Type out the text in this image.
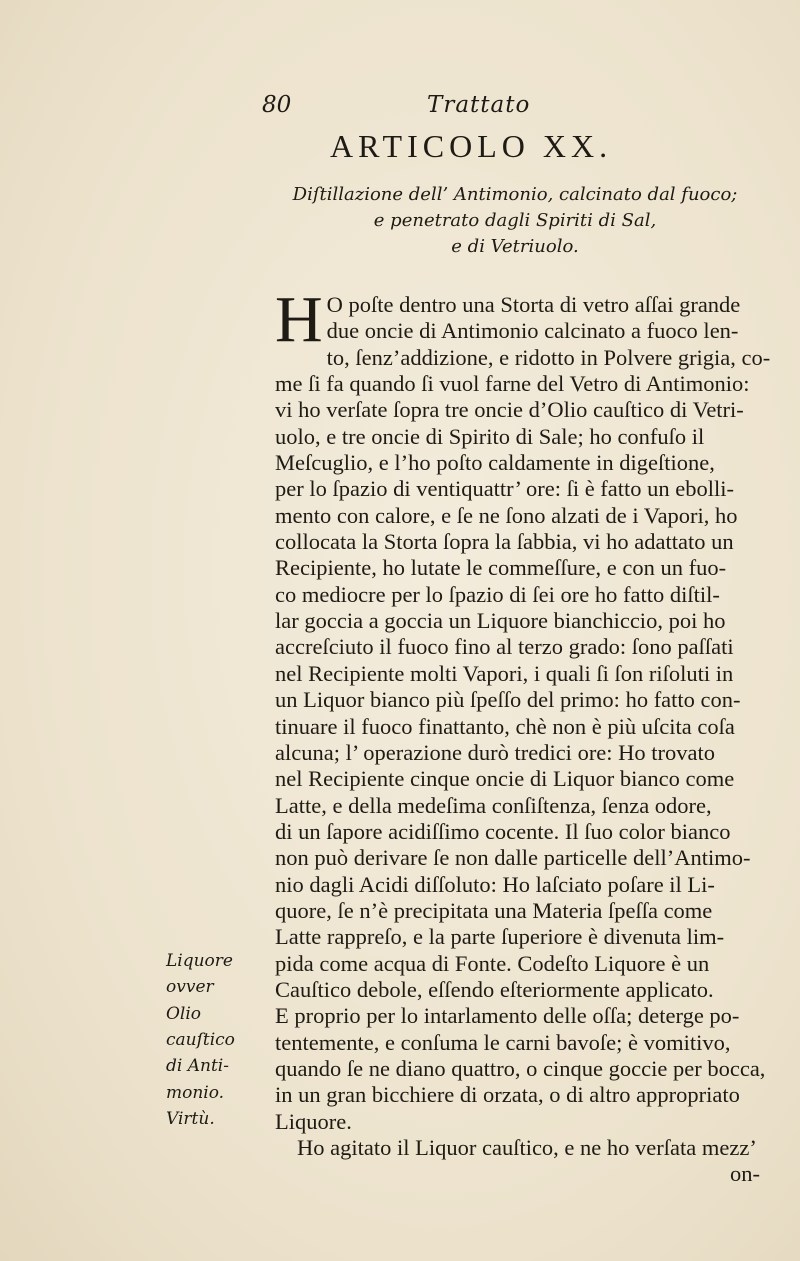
80	Trattato
ARTICOLO XX.
Diſtillazione dell’ Antimonio, calcinato dal fuoco;
e penetrato dagli Spiriti di Sal,
e di Vetriuolo.
Liquore
ovver
Olio
cauſtico
di Anti-
monio.
Virtù.
H O poſte dentro una Storta di vetro aſſai grande
due oncie di Antimonio calcinato a fuoco len-
to, ſenz’addizione, e ridotto in Polvere grigia, co-
me ſi fa quando ſi vuol farne del Vetro di Antimonio:
vi ho verſate ſopra tre oncie d’Olio cauſtico di Vetri-
uolo, e tre oncie di Spirito di Sale; ho confuſo il
Meſcuglio, e l’ho poſto caldamente in digeſtione,
per lo ſpazio di ventiquattr’ ore: ſi è fatto un ebolli-
mento con calore, e ſe ne ſono alzati de i Vapori, ho
collocata la Storta ſopra la ſabbia, vi ho adattato un
Recipiente, ho lutate le commeſſure, e con un fuo-
co mediocre per lo ſpazio di ſei ore ho fatto diſtil-
lar goccia a goccia un Liquore bianchiccio, poi ho
accreſciuto il fuoco fino al terzo grado: ſono paſſati
nel Recipiente molti Vapori, i quali ſi ſon riſoluti in
un Liquor bianco più ſpeſſo del primo: ho fatto con-
tinuare il fuoco finattanto, chè non è più uſcita coſa
alcuna; l’ operazione durò tredici ore: Ho trovato
nel Recipiente cinque oncie di Liquor bianco come
Latte, e della medeſima conſiſtenza, ſenza odore,
di un ſapore acidiſſimo cocente. Il ſuo color bianco
non può derivare ſe non dalle particelle dell’Antimo-
nio dagli Acidi diſſoluto: Ho laſciato poſare il Li-
quore, ſe n’è precipitata una Materia ſpeſſa come
Latte rappreſo, e la parte ſuperiore è divenuta lim-
pida come acqua di Fonte. Codeſto Liquore è un
Cauſtico debole, eſſendo eſteriormente applicato.
E proprio per lo intarlamento delle oſſa; deterge po-
tentemente, e conſuma le carni bavoſe; è vomitivo,
quando ſe ne diano quattro, o cinque goccie per bocca,
in un gran bicchiere di orzata, o di altro appropriato
Liquore.
Ho agitato il Liquor cauſtico, e ne ho verſata mezz’
on-
